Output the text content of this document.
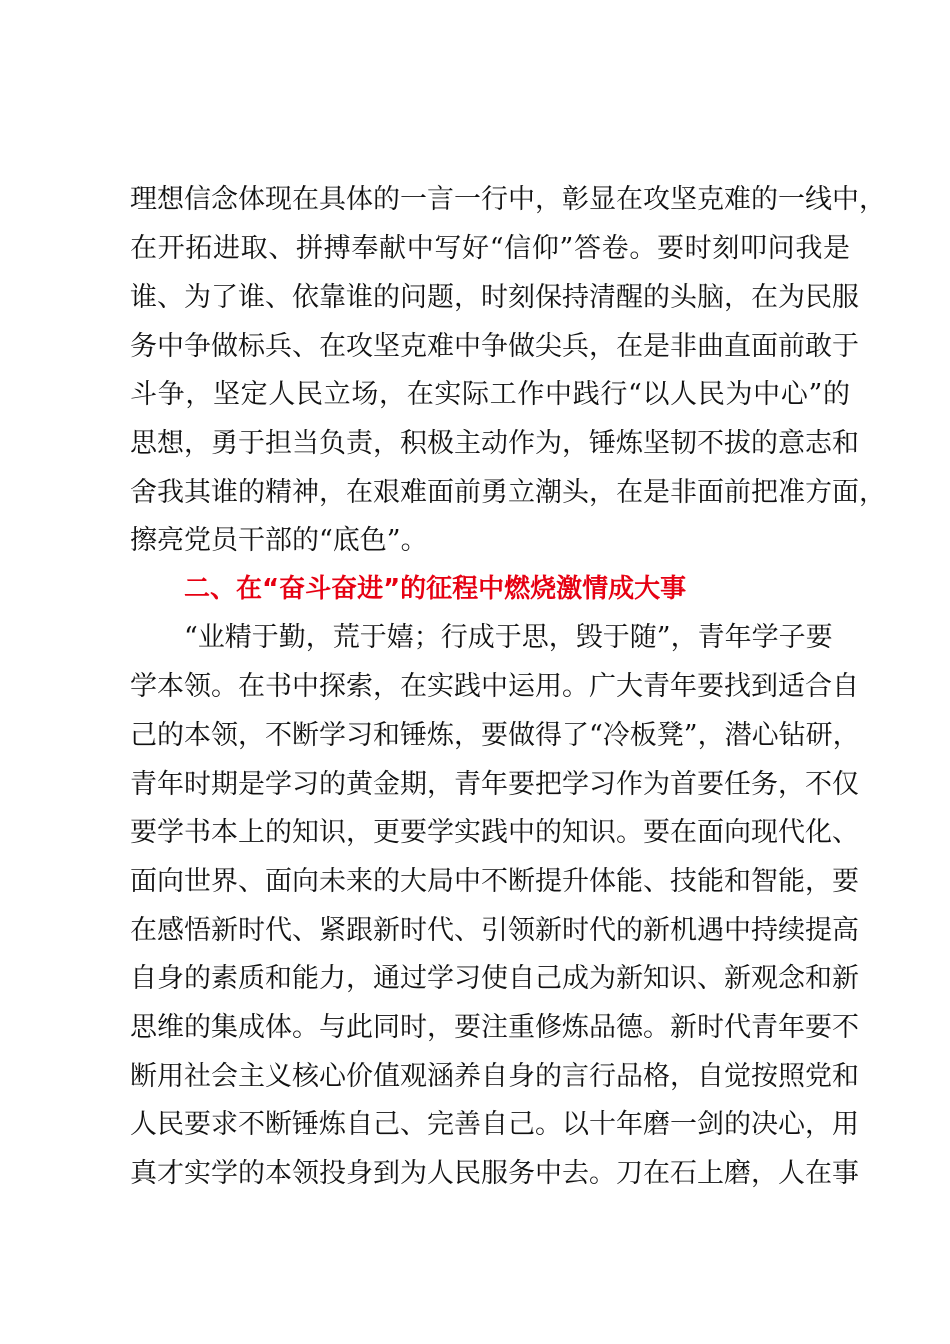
理想信念体现在具体的一言一行中，彰显在攻坚克难的一线中，
在开拓进取、拼搏奉献中写好“信仰”答卷。要时刻叩问我是
谁、为了谁、依靠谁的问题，时刻保持清醒的头脑，在为民服
务中争做标兵、在攻坚克难中争做尖兵，在是非曲直面前敢于
斗争，坚定人民立场，在实际工作中践行“以人民为中心”的
思想，勇于担当负责，积极主动作为，锤炼坚韧不拔的意志和
舍我其谁的精神，在艰难面前勇立潮头，在是非面前把准方面，
擦亮党员干部的“底色”。
二、在“奋斗奋进”的征程中燃烧激情成大事
“业精于勤，荒于嬉；行成于思，毁于随”，青年学子要
学本领。在书中探索，在实践中运用。广大青年要找到适合自
己的本领，不断学习和锤炼，要做得了“冷板凳”，潜心钻研，
青年时期是学习的黄金期，青年要把学习作为首要任务，不仅
要学书本上的知识，更要学实践中的知识。要在面向现代化、
面向世界、面向未来的大局中不断提升体能、技能和智能，要
在感悟新时代、紧跟新时代、引领新时代的新机遇中持续提高
自身的素质和能力，通过学习使自己成为新知识、新观念和新
思维的集成体。与此同时，要注重修炼品德。新时代青年要不
断用社会主义核心价值观涵养自身的言行品格，自觉按照党和
人民要求不断锤炼自己、完善自己。以十年磨一剑的决心，用
真才实学的本领投身到为人民服务中去。刀在石上磨，人在事
